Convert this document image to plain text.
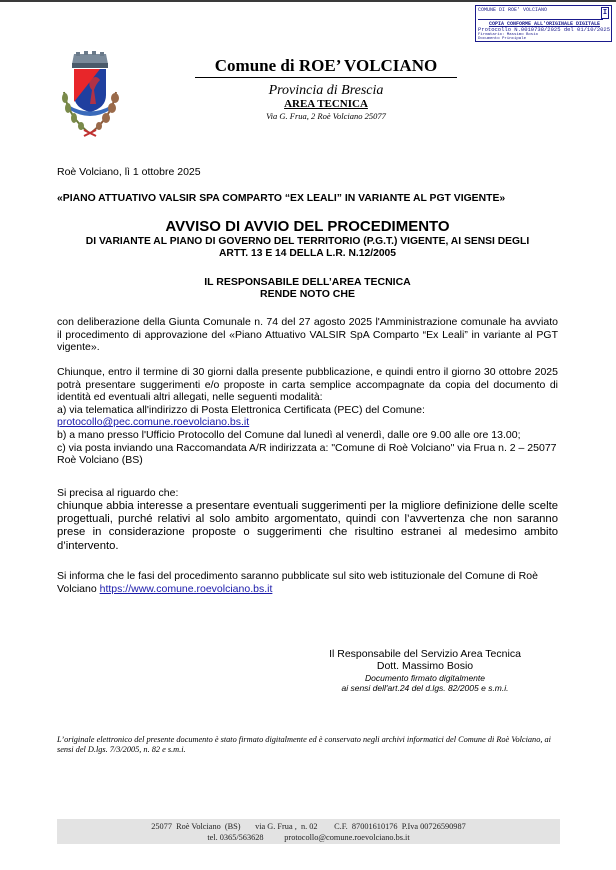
COMUNE DI ROE' VOLCIANO	I
COPIA CONFORME ALL'ORIGINALE DIGITALE
Protocollo N.0010738/2025 del 01/10/2025
Firmatario: Massimo Bosio
Documento Principale
Comune di ROE’ VOLCIANO
Provincia di Brescia
AREA TECNICA
Via G. Frua, 2 Roè Volciano 25077
Roè Volciano, lì 1 ottobre 2025
«PIANO ATTUATIVO VALSIR SPA COMPARTO “EX LEALI” IN VARIANTE AL PGT VIGENTE»
AVVISO DI AVVIO DEL PROCEDIMENTO
DI VARIANTE AL PIANO DI GOVERNO DEL TERRITORIO (P.G.T.) VIGENTE, AI SENSI DEGLI
ARTT. 13 E 14 DELLA L.R. N.12/2005
IL RESPONSABILE DELL’AREA TECNICA
RENDE NOTO CHE
con deliberazione della Giunta Comunale n. 74 del 27 agosto 2025 l'Amministrazione comunale ha avviato il procedimento di approvazione del «Piano Attuativo VALSIR SpA Comparto “Ex Leali” in variante al PGT vigente».
Chiunque, entro il termine di 30 giorni dalla presente pubblicazione, e quindi entro il giorno 30 ottobre 2025 potrà presentare suggerimenti e/o proposte in carta semplice accompagnate da copia del documento di identità ed eventuali altri allegati, nelle seguenti modalità:
a) via telematica all'indirizzo di Posta Elettronica Certificata (PEC) del Comune:
protocollo@pec.comune.roevolciano.bs.it
b) a mano presso l'Ufficio Protocollo del Comune dal lunedì al venerdì, dalle ore 9.00 alle ore 13.00;
c) via posta inviando una Raccomandata A/R indirizzata a: "Comune di Roè Volciano" via Frua n. 2 – 25077 Roè Volciano (BS)
Si precisa al riguardo che:
chiunque abbia interesse a presentare eventuali suggerimenti per la migliore definizione delle scelte progettuali, purché relativi al solo ambito argomentato, quindi con l’avvertenza che non saranno prese in considerazione proposte o suggerimenti che risultino estranei al medesimo ambito d’intervento.
Si informa che le fasi del procedimento saranno pubblicate sul sito web istituzionale del Comune di Roè Volciano https://www.comune.roevolciano.bs.it
Il Responsabile del Servizio Area Tecnica
Dott. Massimo Bosio
Documento firmato digitalmente
ai sensi dell'art.24 del d.lgs. 82/2005 e s.m.i.
L’originale elettronico del presente documento è stato firmato digitalmente ed è conservato negli archivi informatici del Comune di Roè Volciano, ai sensi del D.lgs. 7/3/2005, n. 82 e s.m.i.
25077  Roè Volciano  (BS)       via G. Frua ,  n. 02        C.F.  87001610176  P.Iva 00726590987
tel. 0365/563628          protocollo@comune.roevolciano.bs.it
